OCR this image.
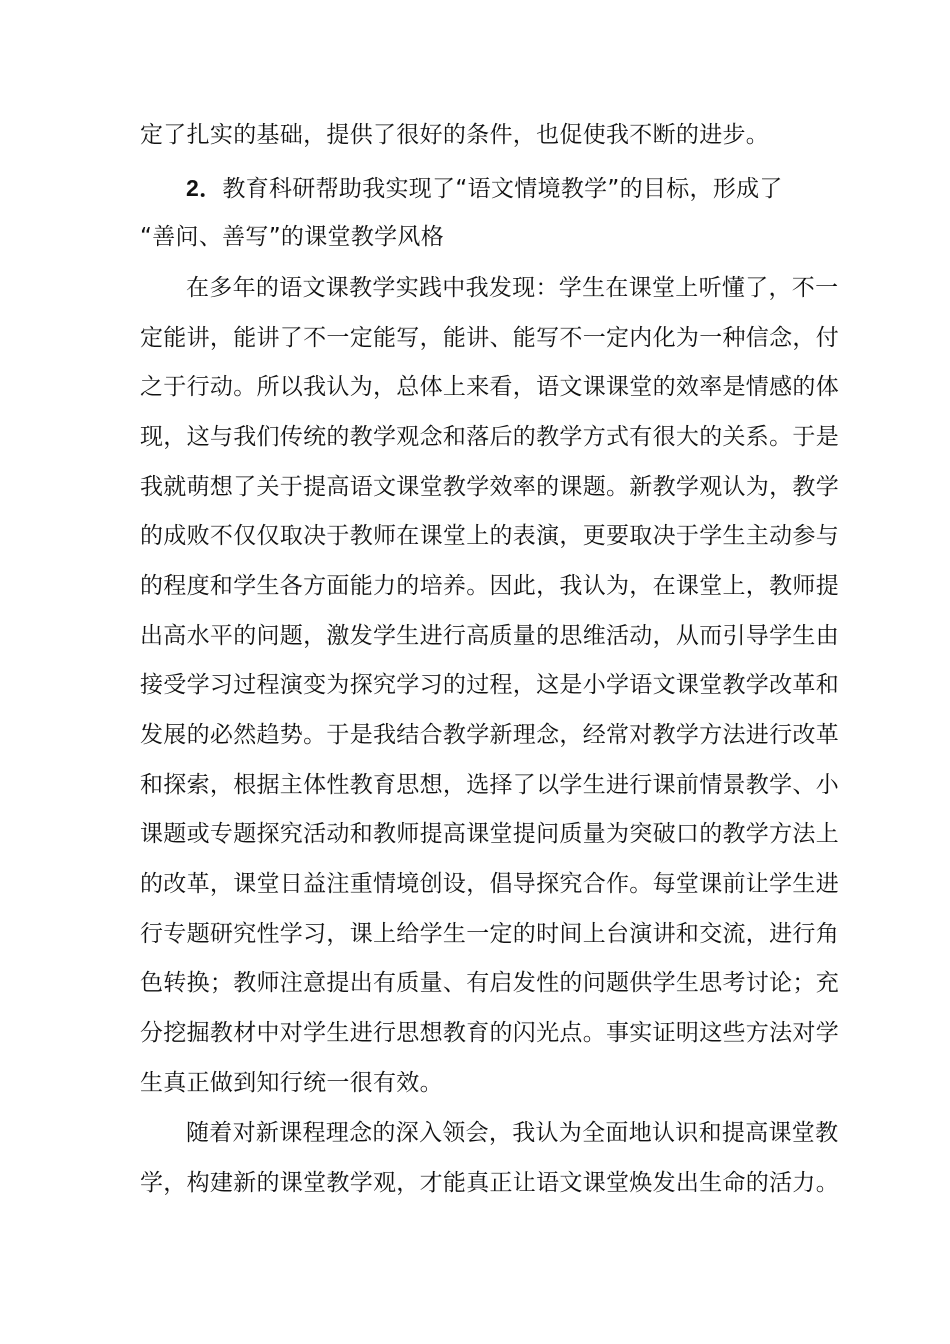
定了扎实的基础，提供了很好的条件，也促使我不断的进步。
2．教育科研帮助我实现了“语文情境教学”的目标，形成了
“善问、善写”的课堂教学风格
在多年的语文课教学实践中我发现：学生在课堂上听懂了，不一
定能讲，能讲了不一定能写，能讲、能写不一定内化为一种信念，付
之于行动。所以我认为，总体上来看，语文课课堂的效率是情感的体
现，这与我们传统的教学观念和落后的教学方式有很大的关系。于是
我就萌想了关于提高语文课堂教学效率的课题。新教学观认为，教学
的成败不仅仅取决于教师在课堂上的表演，更要取决于学生主动参与
的程度和学生各方面能力的培养。因此，我认为，在课堂上，教师提
出高水平的问题，激发学生进行高质量的思维活动，从而引导学生由
接受学习过程演变为探究学习的过程，这是小学语文课堂教学改革和
发展的必然趋势。于是我结合教学新理念，经常对教学方法进行改革
和探索，根据主体性教育思想，选择了以学生进行课前情景教学、小
课题或专题探究活动和教师提高课堂提问质量为突破口的教学方法上
的改革，课堂日益注重情境创设，倡导探究合作。每堂课前让学生进
行专题研究性学习，课上给学生一定的时间上台演讲和交流，进行角
色转换；教师注意提出有质量、有启发性的问题供学生思考讨论；充
分挖掘教材中对学生进行思想教育的闪光点。事实证明这些方法对学
生真正做到知行统一很有效。
随着对新课程理念的深入领会，我认为全面地认识和提高课堂教
学，构建新的课堂教学观，才能真正让语文课堂焕发出生命的活力。
